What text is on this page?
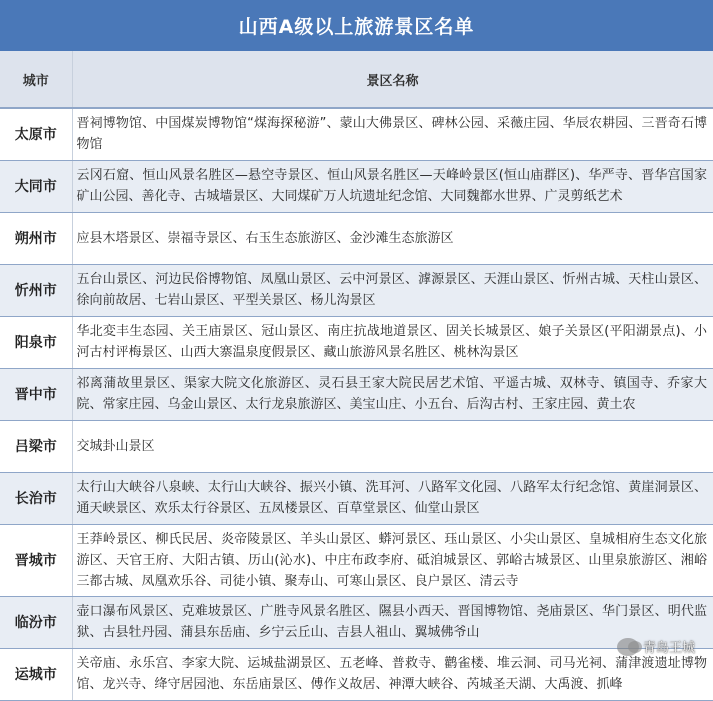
山西A级以上旅游景区名单
城市	景区名称
太原市	晋祠博物馆、中国煤炭博物馆“煤海探秘游”、蒙山大佛景区、碑林公园、采薇庄园、华辰农耕园、三晋奇石博物馆
大同市	云冈石窟、恒山风景名胜区—悬空寺景区、恒山风景名胜区—天峰岭景区(恒山庙群区)、华严寺、晋华宫国家矿山公园、善化寺、古城墙景区、大同煤矿万人坑遗址纪念馆、大同魏都水世界、广灵剪纸艺术
朔州市	应县木塔景区、崇福寺景区、右玉生态旅游区、金沙滩生态旅游区
忻州市	五台山景区、河边民俗博物馆、凤凰山景区、云中河景区、滹源景区、天涯山景区、忻州古城、天柱山景区、徐向前故居、七岩山景区、平型关景区、杨儿沟景区
阳泉市	华北変丰生态园、关王庙景区、冠山景区、南庄抗战地道景区、固关长城景区、娘子关景区(平阳湖景点)、小河古村评梅景区、山西大寨温泉度假景区、藏山旅游风景名胜区、桃林沟景区
晋中市	祁离蒲故里景区、渠家大院文化旅游区、灵石县王家大院民居艺术馆、平遥古城、双林寺、镇国寺、乔家大院、常家庄园、乌金山景区、太行龙泉旅游区、美宝山庄、小五台、后沟古村、王家庄园、黄土农
吕梁市	交城卦山景区
长治市	太行山大峡谷八泉峡、太行山大峡谷、振兴小镇、洗耳河、八路军文化园、八路军太行纪念馆、黄崖洞景区、通天峡景区、欢乐太行谷景区、五凤楼景区、百草堂景区、仙堂山景区
晋城市	王莽岭景区、柳氏民居、炎帝陵景区、羊头山景区、蟒河景区、珏山景区、小尖山景区、皇城相府生态文化旅游区、天官王府、大阳古镇、历山(沁水)、中庄布政李府、砥洎城景区、郭峪古城景区、山里泉旅游区、湘峪三都古城、凤凰欢乐谷、司徒小镇、聚寿山、可寒山景区、良户景区、清云寺
临汾市	壶口瀑布风景区、克难坡景区、广胜寺风景名胜区、隰县小西天、晋国博物馆、尧庙景区、华门景区、明代监狱、古县牡丹园、蒲县东岳庙、乡宁云丘山、吉县人祖山、翼城佛爷山
运城市	关帝庙、永乐宫、李家大院、运城盐湖景区、五老峰、普救寺、鹳雀楼、堆云洞、司马光祠、蒲津渡遗址博物馆、龙兴寺、绛守居园池、东岳庙景区、傅作义故居、神潭大峡谷、芮城圣天湖、大禹渡、抓峰
青岛王城
